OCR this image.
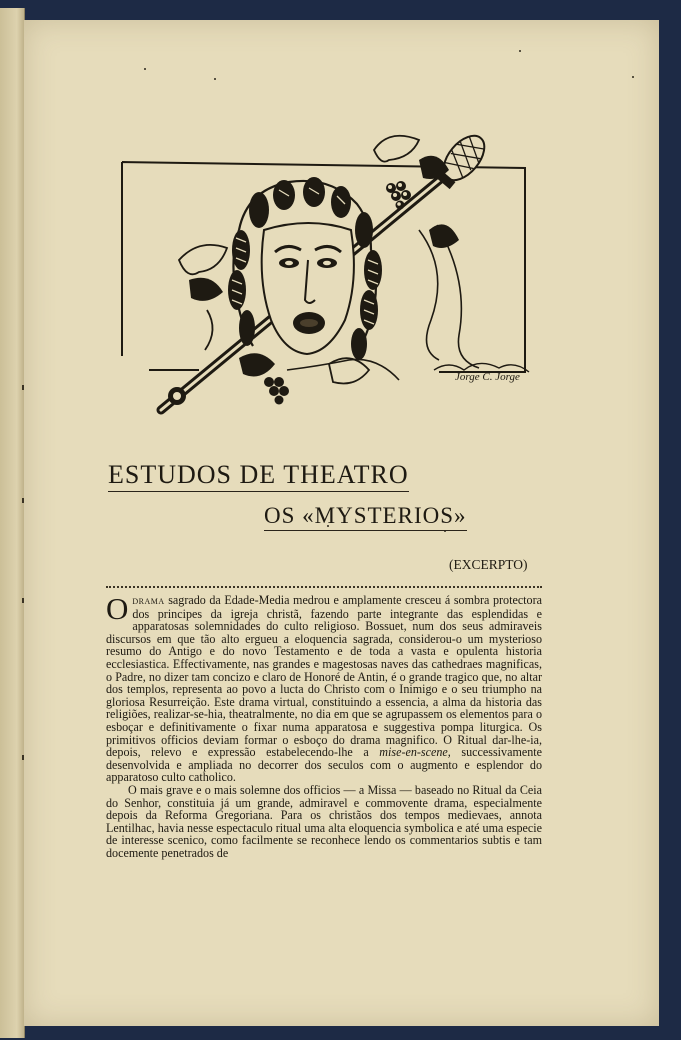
Jorge C. Jorge
ESTUDOS DE THEATRO
OS «MYSTERIOS»
(EXCERPTO)

Odrama sagrado da Edade-Media medrou e amplamente cresceu á sombra protectora dos principes da igreja christã, fazendo parte integrante das esplendidas e apparatosas solemnidades do culto religioso. Bossuet, num dos seus admiraveis discursos em que tão alto ergueu a eloquencia sagrada, considerou-o um mysterioso resumo do Antigo e do novo Testamento e de toda a vasta e opulenta historia ecclesiastica. Effectivamente, nas grandes e magestosas naves das cathedraes magnificas, o Padre, no dizer tam concizo e claro de Honoré de Antin, é o grande tragico que, no altar dos templos, representa ao povo a lucta do Christo com o Inimigo e o seu triumpho na gloriosa Resurreição. Este drama virtual, constituindo a essencia, a alma da historia das religiões, realizar-se-hia, theatralmente, no dia em que se agrupassem os elementos para o esboçar e definitivamente o fixar numa apparatosa e suggestiva pompa liturgica. Os primitivos officios deviam formar o esboço do drama magnifico. O Ritual dar-lhe-ia, depois, relevo e expressão estabelecendo-lhe a mise-en-scene, successivamente desenvolvida e ampliada no decorrer dos seculos com o augmento e esplendor do apparatoso culto catholico.

O mais grave e o mais solemne dos officios — a Missa — baseado no Ritual da Ceia do Senhor, constituia já um grande, admiravel e commovente drama, especialmente depois da Reforma Gregoriana. Para os christãos dos tempos medievaes, annota Lentilhac, havia nesse espectaculo ritual uma alta eloquencia symbolica e até uma especie de interesse scenico, como facilmente se reconhece lendo os commentarios subtis e tam docemente penetrados de
